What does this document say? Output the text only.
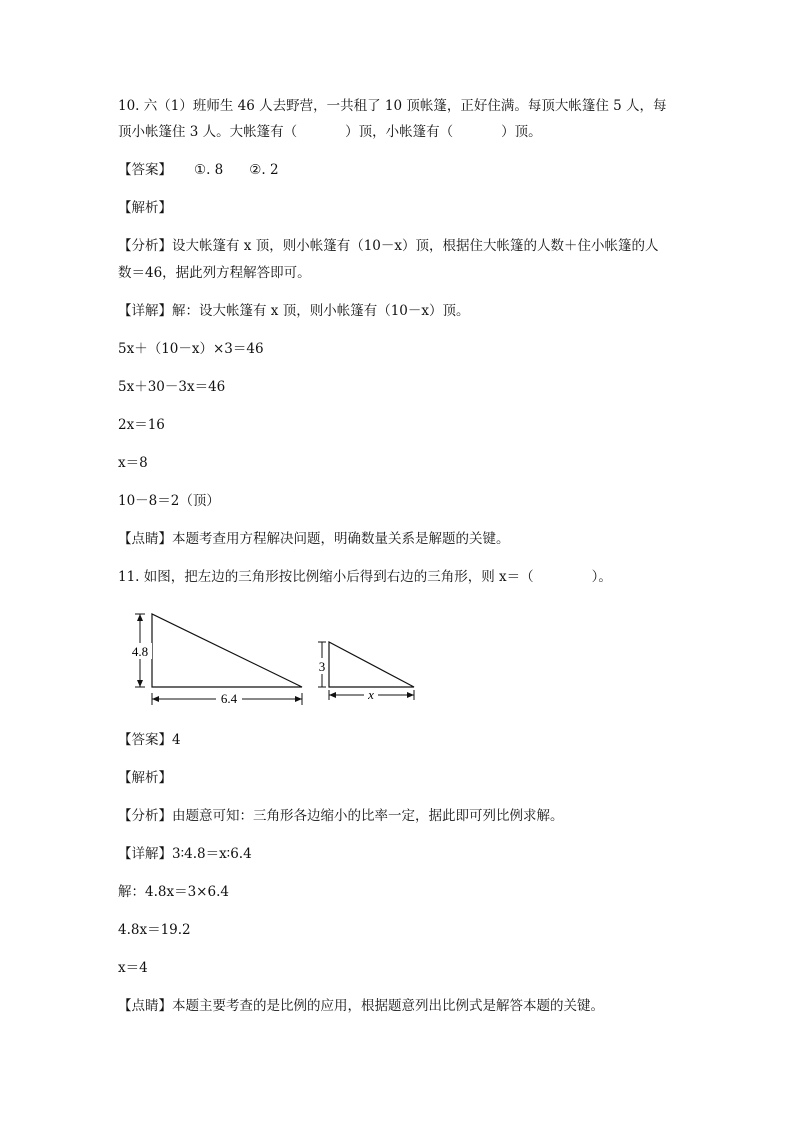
10. 六（1）班师生 46 人去野营，一共租了 10 顶帐篷，正好住满。每顶大帐篷住 5 人，每
顶小帐篷住 3 人。大帐篷有（	）顶，小帐篷有（	）顶。
【答案】 ①. 8 ②. 2
【解析】
【分析】设大帐篷有 x 顶，则小帐篷有（10－x）顶，根据住大帐篷的人数＋住小帐篷的人
数＝46，据此列方程解答即可。
【详解】解：设大帐篷有 x 顶，则小帐篷有（10－x）顶。
5x＋（10－x）×3＝46
5x＋30－3x＝46
2x＝16
x＝8
10－8＝2（顶）
【点睛】本题考查用方程解决问题，明确数量关系是解题的关键。
11. 如图，把左边的三角形按比例缩小后得到右边的三角形，则 x＝（	）。
4.8
6.4
3
x
【答案】4
【解析】
【分析】由题意可知：三角形各边缩小的比率一定，据此即可列比例求解。
【详解】3∶4.8＝x∶6.4
解：4.8x＝3×6.4
4.8x＝19.2
x＝4
【点睛】本题主要考查的是比例的应用，根据题意列出比例式是解答本题的关键。
